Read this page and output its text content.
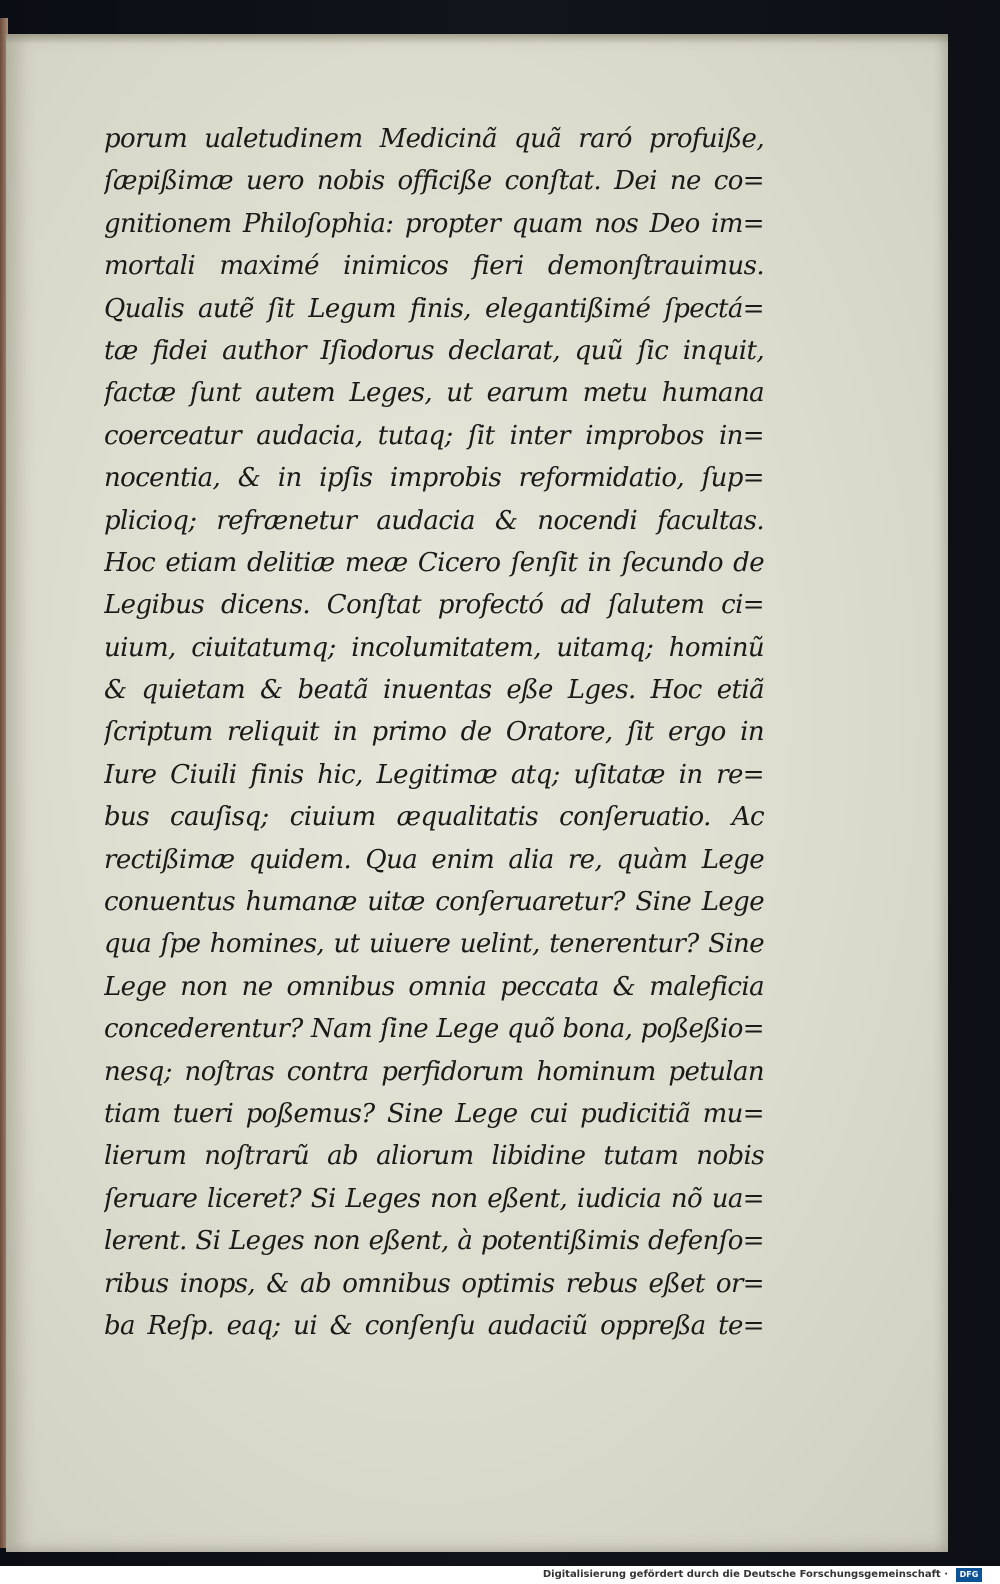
porum ualetudinem Medicinã quã raró profuiße,
ſæpißimæ uero nobis officiße conſtat. Dei ne co=
gnitionem Philoſophia: propter quam nos Deo im=
mortali maximé inimicos fieri demonſtrauimus.
Qualis autẽ ſit Legum finis, elegantißimé ſpectá=
tæ fidei author Iſiodorus declarat, quũ ſic inquit,
factæ ſunt autem Leges, ut earum metu humana
coerceatur audacia, tutaq; ſit inter improbos in=
nocentia, & in ipſis improbis reformidatio, ſup=
plicioq; refrænetur audacia & nocendi facultas.
Hoc etiam delitiæ meæ Cicero ſenſit in ſecundo de
Legibus dicens. Conſtat profectó ad ſalutem ci=
uium, ciuitatumq; incolumitatem, uitamq; hominũ
& quietam & beatã inuentas eße Lges. Hoc etiã
ſcriptum reliquit in primo de Oratore, ſit ergo in
Iure Ciuili finis hic, Legitimæ atq; uſitatæ in re=
bus cauſisq; ciuium æqualitatis conſeruatio. Ac
rectißimæ quidem. Qua enim alia re, quàm Lege
conuentus humanæ uitæ conſeruaretur? Sine Lege
qua ſpe homines, ut uiuere uelint, tenerentur? Sine
Lege non ne omnibus omnia peccata & maleficia
concederentur? Nam ſine Lege quõ bona, poßeßio=
nesq; noſtras contra perfidorum hominum petulan
tiam tueri poßemus? Sine Lege cui pudicitiã mu=
lierum noſtrarũ ab aliorum libidine tutam nobis
ſeruare liceret? Si Leges non eßent, iudicia nõ ua=
lerent. Si Leges non eßent, à potentißimis defenſo=
ribus inops, & ab omnibus optimis rebus eßet or=
ba Reſp. eaq; ui & conſenſu audaciũ oppreßa te=
Digitalisierung gefördert durch die Deutsche Forschungsgemeinschaft ·	DFG
